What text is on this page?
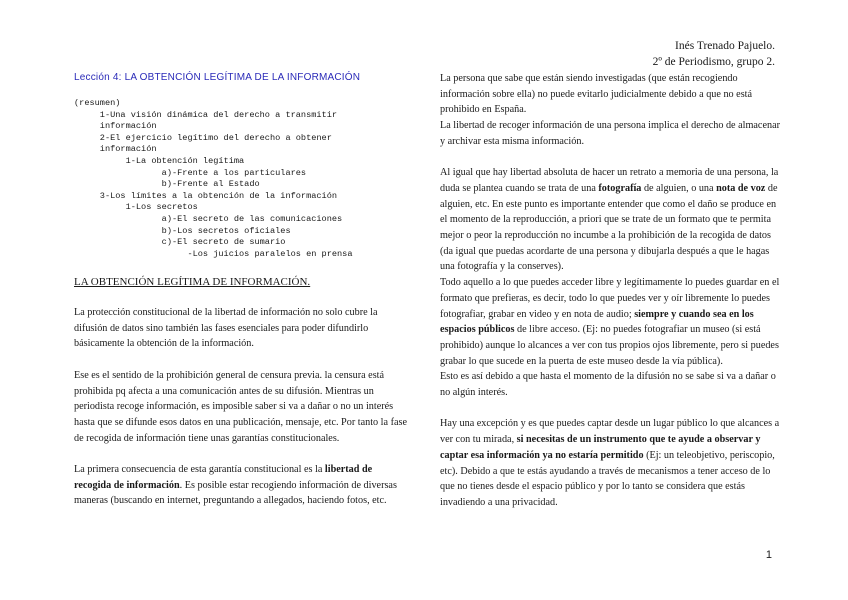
Inés Trenado Pajuelo.
2º de Periodismo, grupo 2.
Lección 4: LA OBTENCIÓN LEGÍTIMA DE LA INFORMACIÓN
(resumen)
1-Una visión dinámica del derecho a transmitir
información
2-El ejercicio legítimo del derecho a obtener
información
1-La obtención legítima
a)-Frente a los particulares
b)-Frente al Estado
3-Los límites a la obtención de la información
1-Los secretos
a)-El secreto de las comunicaciones
b)-Los secretos oficiales
c)-El secreto de sumario
-Los juicios paralelos en prensa
LA OBTENCIÓN LEGÍTIMA DE INFORMACIÓN.

La protección constitucional de la libertad de información no solo cubre la difusión de datos sino también las fases esenciales para poder difundirlo básicamente la obtención de la información.

Ese es el sentido de la prohibición general de censura previa. la censura está prohibida pq afecta a una comunicación antes de su difusión. Mientras un periodista recoge información, es imposible saber si va a dañar o no un interés hasta que se difunde esos datos en una publicación, mensaje, etc. Por tanto la fase de recogida de información tiene unas garantías constitucionales.

La primera consecuencia de esta garantía constitucional es la libertad de recogida de información. Es posible estar recogiendo información de diversas maneras (buscando en internet, preguntando a allegados, haciendo fotos, etc.

La persona que sabe que están siendo investigadas (que están recogiendo información sobre ella) no puede evitarlo judicialmente debido a que no está prohibido en España.

La libertad de recoger información de una persona implica el derecho de almacenar y archivar esta misma información.

Al igual que hay libertad absoluta de hacer un retrato a memoria de una persona, la duda se plantea cuando se trata de una fotografía de alguien, o una nota de voz de alguien, etc. En este punto es importante entender que como el daño se produce en el momento de la reproducción, a priori que se trate de un formato que te permita mejor o peor la reproducción no incumbe a la prohibición de la recogida de datos (da igual que puedas acordarte de una persona y dibujarla después a que le hagas una fotografía y la conserves).

Todo aquello a lo que puedes acceder libre y legítimamente lo puedes guardar en el formato que prefieras, es decir, todo lo que puedes ver y oír libremente lo puedes fotografiar, grabar en video y en nota de audio; siempre y cuando sea en los espacios públicos de libre acceso. (Ej: no puedes fotografiar un museo (si está prohibido) aunque lo alcances a ver con tus propios ojos libremente, pero si puedes grabar lo que sucede en la puerta de este museo desde la vía pública).

Esto es así debido a que hasta el momento de la difusión no se sabe si va a dañar o no algún interés.

Hay una excepción y es que puedes captar desde un lugar público lo que alcances a ver con tu mirada, si necesitas de un instrumento que te ayude a observar y captar esa información ya no estaría permitido (Ej: un teleobjetivo, periscopio, etc). Debido a que te estás ayudando a través de mecanismos a tener acceso de lo que no tienes desde el espacio público y por lo tanto se considera que estás invadiendo a una privacidad.

1
